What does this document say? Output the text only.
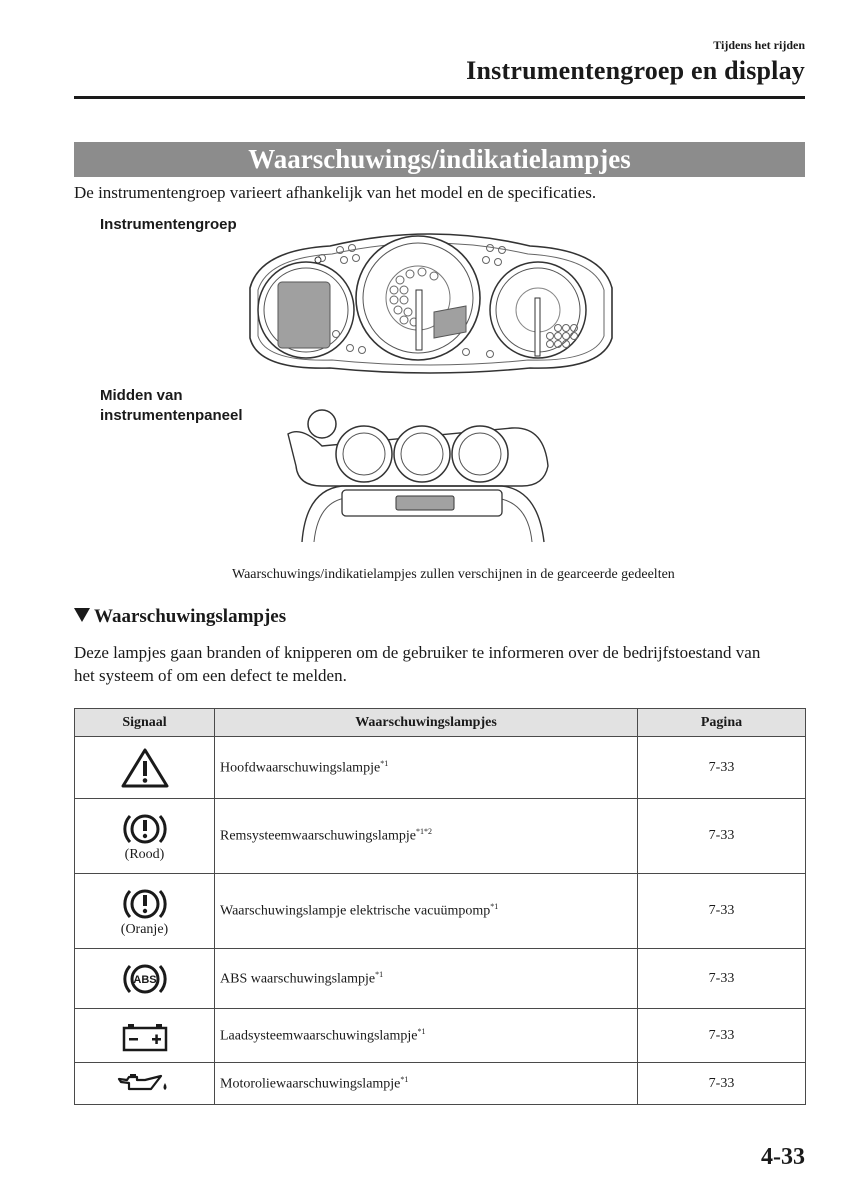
Tijdens het rijden
Instrumentengroep en display
Waarschuwings/indikatielampjes
De instrumentengroep varieert afhankelijk van het model en de specificaties.
Instrumentengroep
Midden van
instrumentenpaneel
Waarschuwings/indikatielampjes zullen verschijnen in de gearceerde gedeelten
Waarschuwingslampjes
Deze lampjes gaan branden of knipperen om de gebruiker te informeren over de bedrijfstoestand van het systeem of om een defect te melden.
Signaal	Waarschuwingslampjes	Pagina

	Hoofdwaarschuwingslampje$^{*1}$	7-33

(Rood)	Remsysteemwaarschuwingslampje$^{*1*2}$	7-33

(Oranje)	Waarschuwingslampje elektrische vacuümpomp$^{*1}$	7-33

ABS	ABS waarschuwingslampje$^{*1}$	7-33

	Laadsysteemwaarschuwingslampje$^{*1}$	7-33

	Motoroliewaarschuwingslampje$^{*1}$	7-33
4-33
